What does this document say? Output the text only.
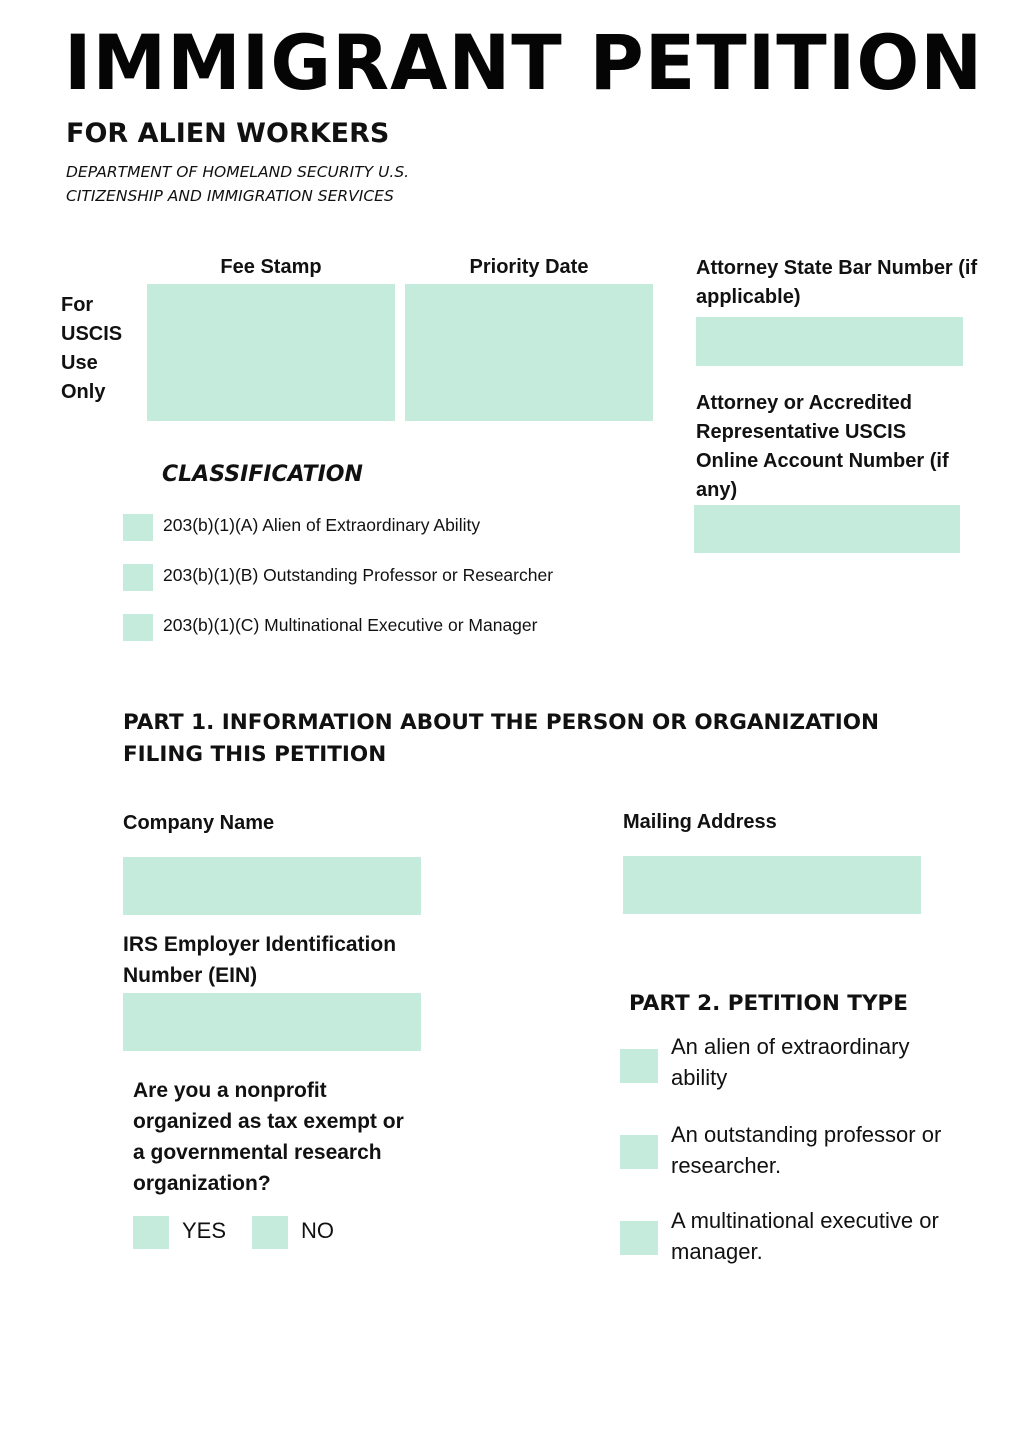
IMMIGRANT PETITION
FOR ALIEN WORKERS
DEPARTMENT OF HOMELAND SECURITY U.S. CITIZENSHIP AND IMMIGRATION SERVICES
For USCIS Use Only
Fee Stamp	Priority Date	Attorney State Bar Number (if applicable)
Attorney or Accredited Representative USCIS Online Account Number (if any)
CLASSIFICATION
203(b)(1)(A) Alien of Extraordinary Ability
203(b)(1)(B) Outstanding Professor or Researcher
203(b)(1)(C) Multinational Executive or Manager
PART 1. INFORMATION ABOUT THE PERSON OR ORGANIZATION FILING THIS PETITION
Company Name	Mailing Address
IRS Employer Identification Number (EIN)
Are you a nonprofit organized as tax exempt or a governmental research organization?
YES	NO
PART 2. PETITION TYPE
An alien of extraordinary ability
An outstanding professor or researcher.
A multinational executive or manager.
